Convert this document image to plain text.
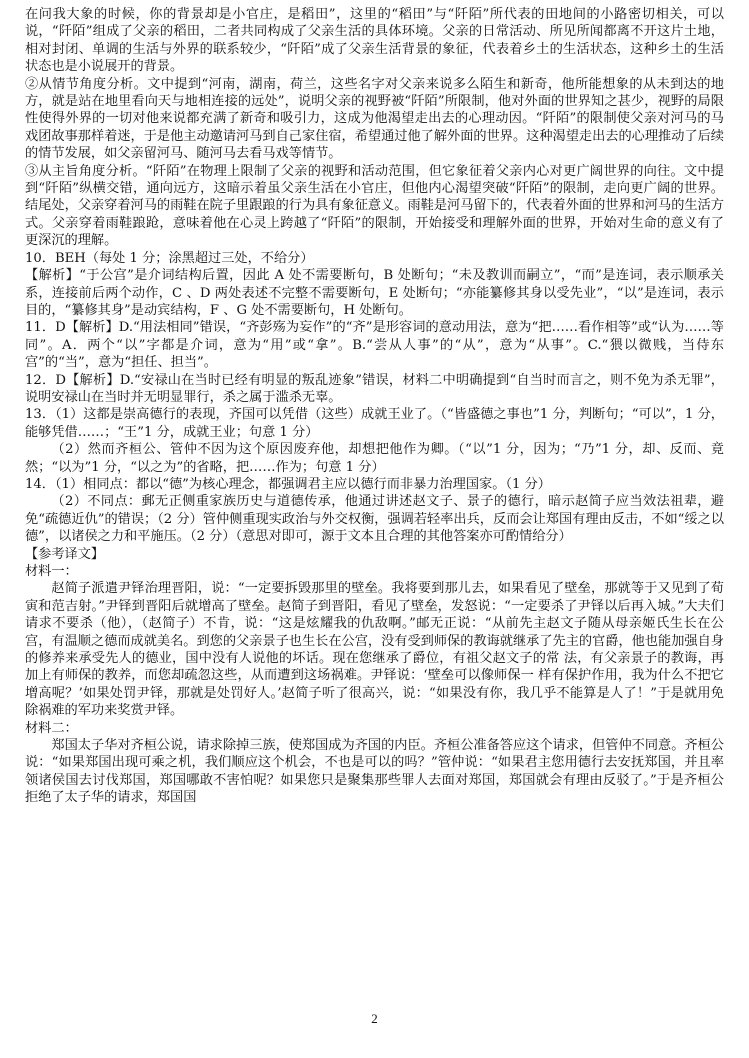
在问我大象的时候，你的背景却是小官庄，是稻田”，这里的“稻田”与“阡陌”所代表的田地间的小路密切相关，可以说，“阡陌”组成了父亲的稻田，二者共同构成了父亲生活的具体环境。父亲的日常活动、所见所闻都离不开这片土地，相对封闭、单调的生活与外界的联系较少，“阡陌”成了父亲生活背景的象征，代表着乡土的生活状态，这种乡土的生活状态也是小说展开的背景。

②从情节角度分析。文中提到“河南，湖南，荷兰，这些名字对父亲来说多么陌生和新奇，他所能想象的从未到达的地方，就是站在地里看向天与地相连接的远处”，说明父亲的视野被“阡陌”所限制，他对外面的世界知之甚少，视野的局限性使得外界的一切对他来说都充满了新奇和吸引力，这成为他渴望走出去的心理动因。“阡陌”的限制使父亲对河马的马戏团故事那样着迷，于是他主动邀请河马到自己家住宿，希望通过他了解外面的世界。这种渴望走出去的心理推动了后续的情节发展，如父亲留河马、随河马去看马戏等情节。

③从主旨角度分析。“阡陌”在物理上限制了父亲的视野和活动范围，但它象征着父亲内心对更广阔世界的向往。文中提到“阡陌”纵横交错，通向远方，这暗示着虽父亲生活在小官庄，但他内心渴望突破“阡陌”的限制，走向更广阔的世界。结尾处，父亲穿着河马的雨鞋在院子里跟踉的行为具有象征意义。雨鞋是河马留下的，代表着外面的世界和河马的生活方式。父亲穿着雨鞋踉跄，意味着他在心灵上跨越了“阡陌”的限制，开始接受和理解外面的世界，开始对生命的意义有了更深沉的理解。

10．BEH（每处 1 分；涂黑超过三处，不给分）

【解析】“于公宫”是介词结构后置，因此 A 处不需要断句，B 处断句；“未及教训而嗣立”，“而”是连词，表示顺承关系，连接前后两个动作，C 、D 两处表述不完整不需要断句，E 处断句；“亦能纂修其身以受先业”，“以”是连词，表示目的，“纂修其身”是动宾结构，F 、G 处不需要断句，H 处断句。

11．D【解析】D.“用法相同”错误，“齐彭殇为妄作”的“齐”是形容词的意动用法，意为“把……看作相等”或“认为……等同”。A．两个“以”字都是介词，意为“用”或“拿”。B.“尝从人事”的“从”，意为“从事”。C.“猥以微贱，当侍东宫”的“当”，意为“担任、担当”。

12．D【解析】D.“安禄山在当时已经有明显的叛乱迹象”错误，材料二中明确提到“自当时而言之，则不免为杀无罪”，说明安禄山在当时并无明显罪行，杀之属于滥杀无辜。

13．（1）这都是崇高德行的表现，齐国可以凭借（这些）成就王业了。（“皆盛德之事也”1 分，判断句；“可以”，1 分，能够凭借……；“王”1 分，成就王业；句意 1 分）

（2）然而齐桓公、管仲不因为这个原因废弃他，却想把他作为卿。（“以”1 分，因为；“乃”1 分，却、反而、竟然；“以为”1 分，“以之为”的省略，把……作为；句意 1 分）

14．（1）相同点：都以“德”为核心理念，都强调君主应以德行而非暴力治理国家。（1 分）

（2）不同点：郵无正侧重家族历史与道德传承，他通过讲述赵文子、景子的德行，暗示赵简子应当效法祖辈，避免“疏德近仇”的错误；（2 分）管仲侧重现实政治与外交权衡，强调若轻率出兵，反而会让郑国有理由反击，不如“绥之以德”，以诸侯之力和平施压。（2 分）（意思对即可，源于文本且合理的其他答案亦可酌情给分）

【参考译文】

材料一：

赵简子派遣尹铎治理晋阳，说：“一定要拆毁那里的壁垒。我将要到那儿去，如果看见了壁垒，那就等于又见到了荀寅和范吉射。”尹铎到晋阳后就增高了壁垒。赵简子到晋阳，看见了壁垒，发怒说：“一定要杀了尹铎以后再入城。”大夫们请求不要杀（他），（赵简子）不肯，说：“这是炫耀我的仇敌啊。”邮无正说：“从前先主赵文子随从母亲姬氏生长在公宫，有温顺之德而成就美名。到您的父亲景子也生长在公宫，没有受到师保的教诲就继承了先主的官爵，他也能加强自身的修养来承受先人的德业，国中没有人说他的坏话。现在您继承了爵位，有祖父赵文子的常 法，有父亲景子的教诲，再加上有师保的教养，而您却疏忽这些，从而遭到这场祸难。尹铎说：‘壁垒可以像师保一 样有保护作用，我为什么不把它增高呢？’如果处罚尹铎，那就是处罚好人。’赵简子听了很高兴，说：“如果没有你，我几乎不能算是人了！”于是就用免除祸难的军功来奖赏尹铎。

材料二：

郑国太子华对齐桓公说，请求除掉三族，使郑国成为齐国的内臣。齐桓公准备答应这个请求，但管仲不同意。齐桓公说：“如果郑国出现可乘之机，我们顺应这个机会，不也是可以的吗？”管仲说：“如果君主您用德行去安抚郑国，并且率领诸侯国去讨伐郑国，郑国哪敢不害怕呢？如果您只是聚集那些罪人去面对郑国，郑国就会有理由反驳了。”于是齐桓公拒绝了太子华的请求，郑国国

2
